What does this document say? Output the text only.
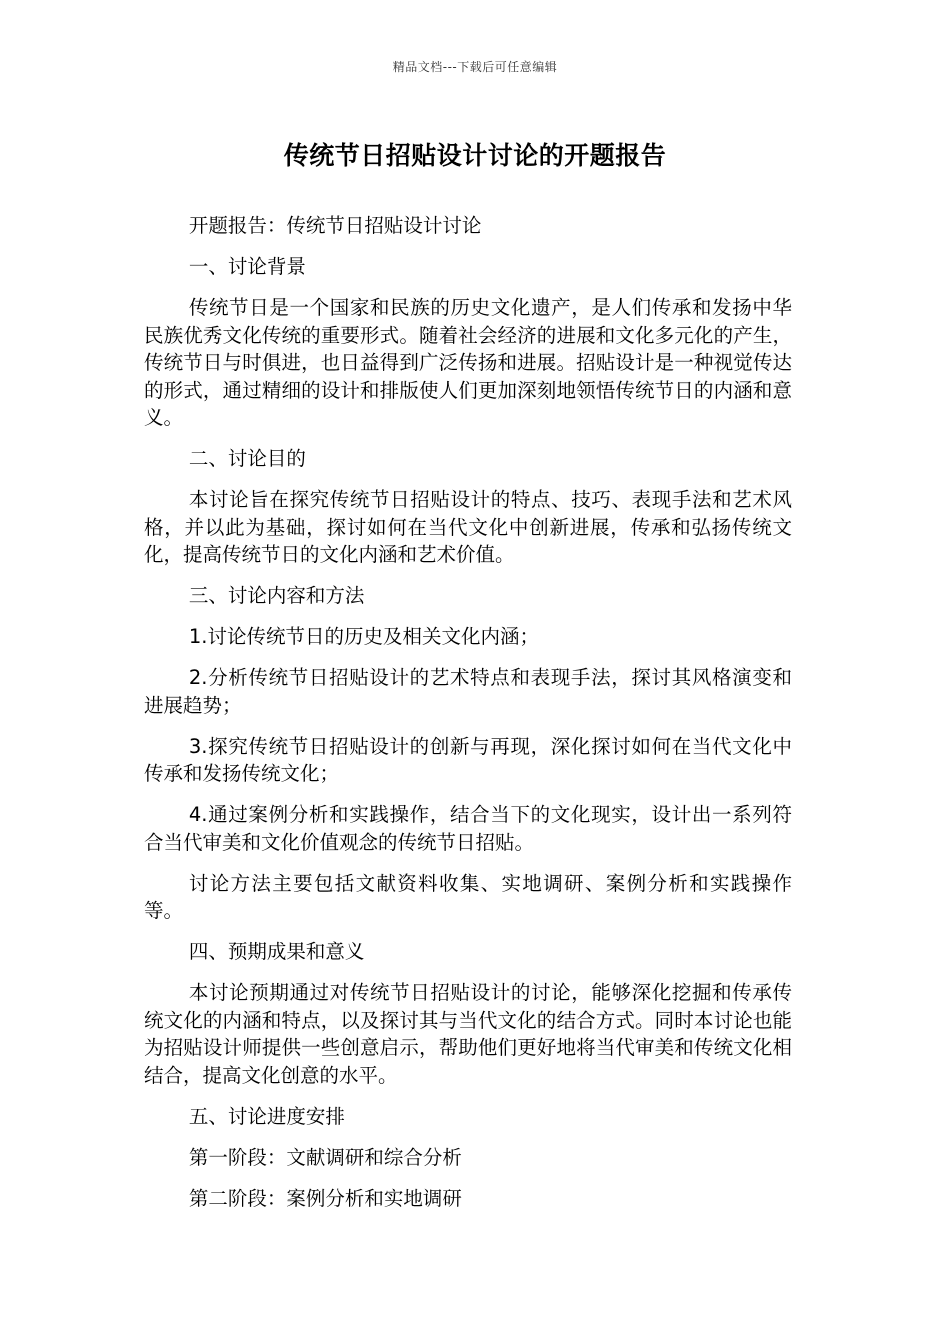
精品文档---下载后可任意编辑
传统节日招贴设计讨论的开题报告

开题报告：传统节日招贴设计讨论

一、讨论背景

传统节日是一个国家和民族的历史文化遗产，是人们传承和发扬中华民族优秀文化传统的重要形式。随着社会经济的进展和文化多元化的产生，传统节日与时俱进，也日益得到广泛传扬和进展。招贴设计是一种视觉传达的形式，通过精细的设计和排版使人们更加深刻地领悟传统节日的内涵和意义。

二、讨论目的

本讨论旨在探究传统节日招贴设计的特点、技巧、表现手法和艺术风格，并以此为基础，探讨如何在当代文化中创新进展，传承和弘扬传统文化，提高传统节日的文化内涵和艺术价值。

三、讨论内容和方法

1.讨论传统节日的历史及相关文化内涵；

2.分析传统节日招贴设计的艺术特点和表现手法，探讨其风格演变和进展趋势；

3.探究传统节日招贴设计的创新与再现，深化探讨如何在当代文化中传承和发扬传统文化；

4.通过案例分析和实践操作，结合当下的文化现实，设计出一系列符合当代审美和文化价值观念的传统节日招贴。

讨论方法主要包括文献资料收集、实地调研、案例分析和实践操作等。

四、预期成果和意义

本讨论预期通过对传统节日招贴设计的讨论，能够深化挖掘和传承传统文化的内涵和特点，以及探讨其与当代文化的结合方式。同时本讨论也能为招贴设计师提供一些创意启示，帮助他们更好地将当代审美和传统文化相结合，提高文化创意的水平。

五、讨论进度安排

第一阶段：文献调研和综合分析

第二阶段：案例分析和实地调研
